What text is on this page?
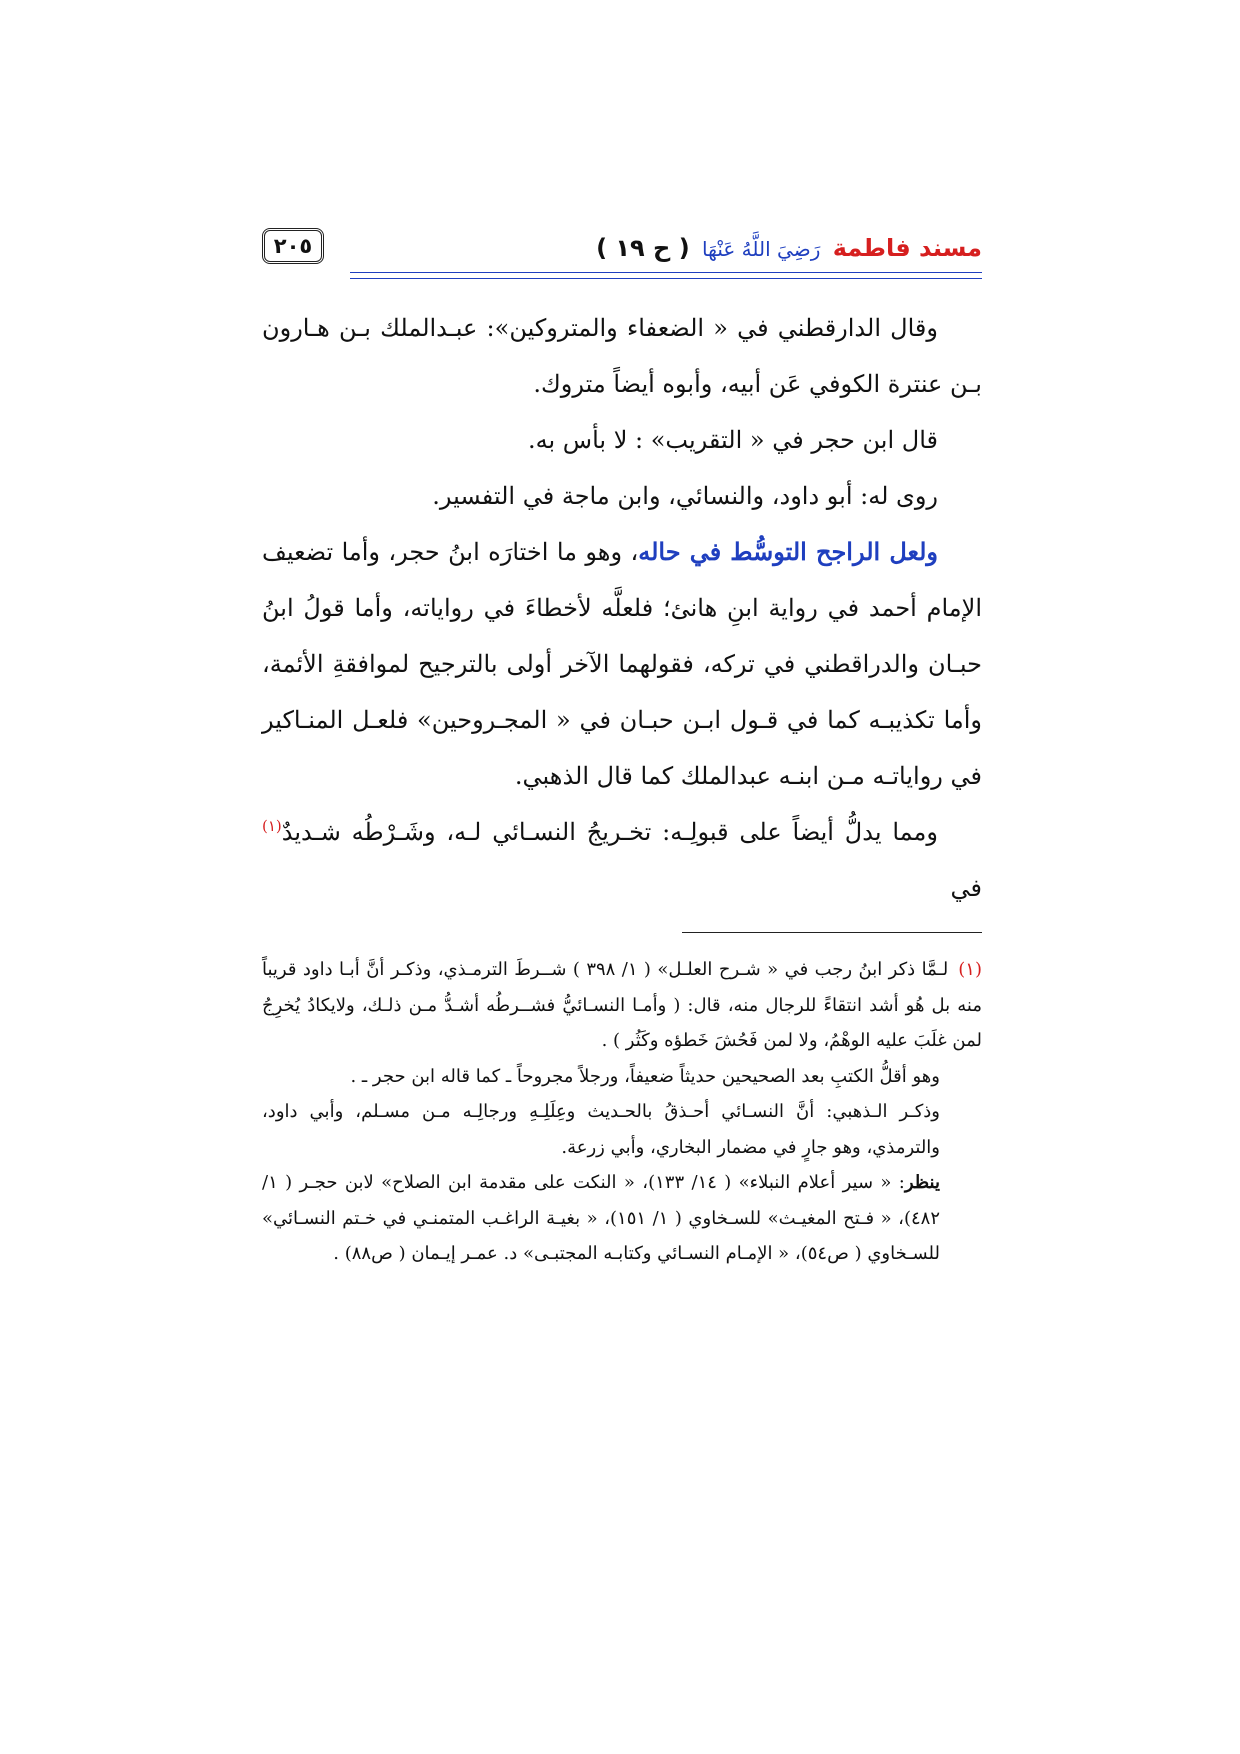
مسند فاطمة رَضِيَ اللَّهُ عَنْهَا ( ح ١٩ )
٢٠٥

وقال الدارقطني في « الضعفاء والمتروكين»: عبـدالملك بـن هـارون بـن عنترة الكوفي عَن أبيه، وأبوه أيضاً متروك.

قال ابن حجر في « التقريب» : لا بأس به.

روى له: أبو داود، والنسائي، وابن ماجة في التفسير.

ولعل الراجح التوسُّط في حاله، وهو ما اختارَه ابنُ حجر، وأما تضعيف الإمام أحمد في رواية ابنِ هانئ؛ فلعلَّه لأخطاءَ في رواياته، وأما قولُ ابنُ حبـان والدراقطني في تركه، فقولهما الآخر أولى بالترجيح لموافقةِ الأئمة، وأما تكذيبـه كما في قـول ابـن حبـان في « المجـروحين» فلعـل المنـاكير في رواياتـه مـن ابنـه عبدالملك كما قال الذهبي.

ومما يدلُّ أيضاً على قبولِـه: تخـريجُ النسـائي لـه، وشَـرْطُه شـديدٌ$^{(١)}$ في

(١)لـمَّا ذكر ابنُ رجب في « شـرح العلـل» ( ١/ ٣٩٨ ) شــرطَ الترمـذي، وذكـر أنَّ أبـا داود قريباً منه بل هُو أشد انتقاءً للرجال منه، قال: ( وأمـا النسـائيُّ فشــرطُه أشـدُّ مـن ذلـك، ولايكادُ يُخرِجُ لمن غلَبَ عليه الوهْمُ، ولا لمن فَحُشَ خَطؤه وكَثُر ) .

وهو أقلُّ الكتبِ بعد الصحيحين حديثاً ضعيفاً، ورجلاً مجروحاً ـ كما قاله ابن حجر ـ .

وذكـر الـذهبي: أنَّ النسـائي أحـذقُ بالحـديث وعِلَلِـهِ ورجالِـه مـن مسـلم، وأبي داود، والترمذي، وهو جارٍ في مضمار البخاري، وأبي زرعة.

ينظر: « سير أعلام النبلاء» ( ١٤/ ١٣٣)، « النكت على مقدمة ابن الصلاح» لابن حجـر ( ١/ ٤٨٢)، « فـتح المغيـث» للسـخاوي ( ١/ ١٥١)، « بغيـة الراغـب المتمنـي في خـتم النسـائي» للسـخاوي ( ص٥٤)، « الإمـام النسـائي وكتابـه المجتبـى» د. عمـر إيـمان ( ص٨٨) .
